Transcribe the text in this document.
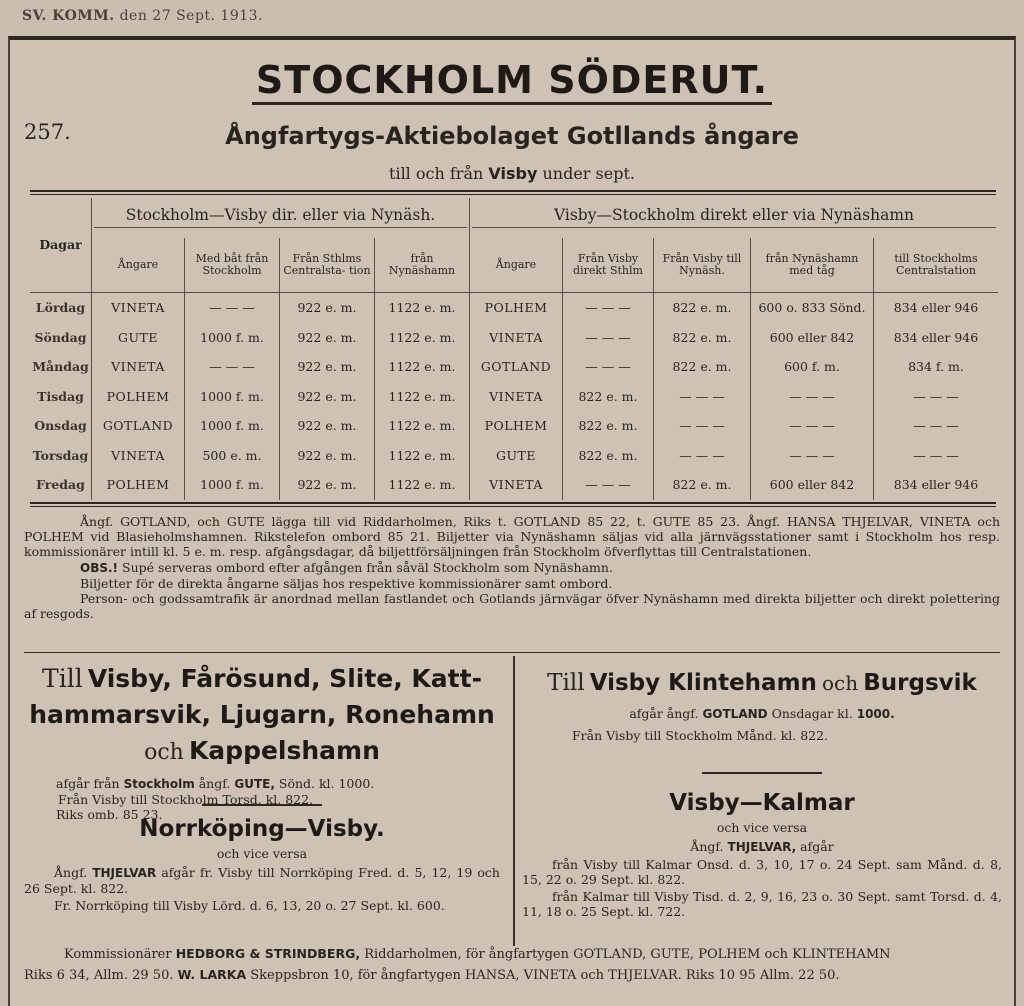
SV. KOMM. den 27 Sept. 1913.
STOCKHOLM SÖDERUT.
257.	Ångfartygs-Aktiebolaget Gotllands ångare
till och från Visby under sept.
Dagar	Stockholm—Visby dir. eller via Nynäsh.				Visby—Stockholm direkt eller via Nynäshamn				

	Ångare	Med båt från Stockholm	Från Sthlms Centralsta- tion	från Nynäshamn	Ångare	Från Visby direkt Sthlm	Från Visby till Nynäsh.	från Nynäshamn med tåg	till Stockholms Centralstation
Lördag	VINETA	— — —	922 e. m.	1122 e. m.	POLHEM	— — —	822 e. m.	600 o. 833 Sönd.	834 eller 946
Söndag	GUTE	1000 f. m.	922 e. m.	1122 e. m.	VINETA	— — —	822 e. m.	600 eller 842	834 eller 946
Måndag	VINETA	— — —	922 e. m.	1122 e. m.	GOTLAND	— — —	822 e. m.	600 f. m.	834 f. m.
Tisdag	POLHEM	1000 f. m.	922 e. m.	1122 e. m.	VINETA	822 e. m.	— — —	— — —	— — —
Onsdag	GOTLAND	1000 f. m.	922 e. m.	1122 e. m.	POLHEM	822 e. m.	— — —	— — —	— — —
Torsdag	VINETA	500 e. m.	922 e. m.	1122 e. m.	GUTE	822 e. m.	— — —	— — —	— — —
Fredag	POLHEM	1000 f. m.	922 e. m.	1122 e. m.	VINETA	— — —	822 e. m.	600 eller 842	834 eller 946

Ångf. GOTLAND, och GUTE lägga till vid Riddarholmen, Riks t. GOTLAND 85 22, t. GUTE 85 23. Ångf. HANSA THJELVAR, VINETA och POLHEM vid Blasieholmshamnen. Rikstelefon ombord 85 21. Biljetter via Nynäshamn säljas vid alla järnvägsstationer samt i Stockholm hos resp. kommissionärer intill kl. 5 e. m. resp. afgångsdagar, då biljettförsäljningen från Stockholm öfverflyttas till Centralstationen.

OBS.! Supé serveras ombord efter afgången från såväl Stockholm som Nynäshamn.

Biljetter för de direkta ångarne säljas hos respektive kommissionärer samt ombord.

Person- och godssamtrafik är anordnad mellan fastlandet och Gotlands järnvägar öfver Nynäshamn med direkta biljetter och direkt polettering af resgods.

Till Visby, Fårösund, Slite, Katt-
hammarsvik, Ljugarn, Ronehamn
och Kappelshamn
afgår från Stockholm ångf. GUTE, Sönd. kl. 1000.
Från Visby till Stockholm Torsd. kl. 822.
Riks omb. 85 23.
Norrköping—Visby.
och vice versa
Ångf. THJELVAR afgår fr. Visby till Norrköping Fred. d. 5, 12, 19 och 26 Sept. kl. 822.
Fr. Norrköping till Visby Lörd. d. 6, 13, 20 o. 27 Sept. kl. 600.
Till Visby Klintehamn och Burgsvik
afgår ångf. GOTLAND Onsdagar kl. 1000.
Från Visby till Stockholm Månd. kl. 822.
Visby—Kalmar
och vice versa
Ångf. THJELVAR, afgår
från Visby till Kalmar Onsd. d. 3, 10, 17 o. 24 Sept. sam Månd. d. 8, 15, 22 o. 29 Sept. kl. 822.
från Kalmar till Visby Tisd. d. 2, 9, 16, 23 o. 30 Sept. samt Torsd. d. 4, 11, 18 o. 25 Sept. kl. 722.

Kommissionärer HEDBORG & STRINDBERG, Riddarholmen, för ångfartygen GOTLAND, GUTE, POLHEM och KLINTEHAMN

Riks 6 34, Allm. 29 50. W. LARKA Skeppsbron 10, för ångfartygen HANSA, VINETA och THJELVAR. Riks 10 95 Allm. 22 50.
